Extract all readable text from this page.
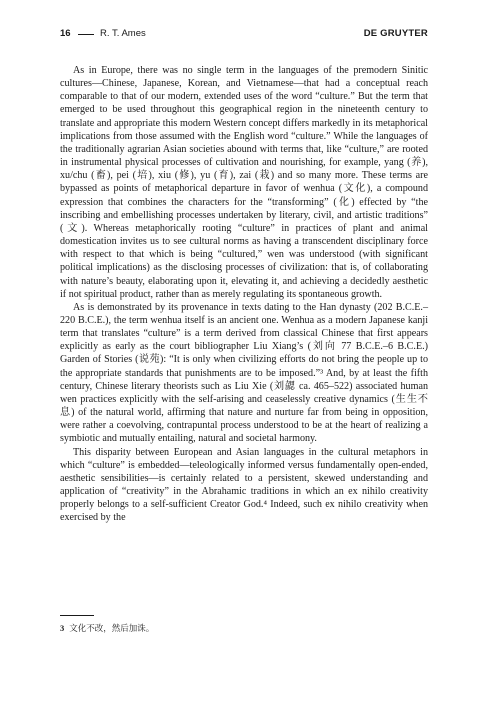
16	R. T. Ames	DE GRUYTER

As in Europe, there was no single term in the languages of the premodern Sinitic cultures—Chinese, Japanese, Korean, and Vietnamese—that had a conceptual reach comparable to that of our modern, extended uses of the word “culture.” But the term that emerged to be used throughout this geographical region in the nineteenth century to translate and appropriate this modern Western concept differs markedly in its metaphorical implications from those assumed with the English word “culture.” While the languages of the traditionally agrarian Asian societies abound with terms that, like “culture,” are rooted in instrumental physical processes of cultivation and nourishing, for example, yang (养), xu/chu (畜), pei (培), xiu (修), yu (育), zai (栽) and so many more. These terms are bypassed as points of metaphorical departure in favor of wenhua (文化), a compound expression that combines the characters for the “transforming” (化) effected by “the inscribing and embellishing processes undertaken by literary, civil, and artistic traditions” (文). Whereas metaphorically rooting “culture” in practices of plant and animal domestication invites us to see cultural norms as having a transcendent disciplinary force with respect to that which is being “cultured,” wen was understood (with significant political implications) as the disclosing processes of civilization: that is, of collaborating with nature’s beauty, elaborating upon it, elevating it, and achieving a decidedly aesthetic if not spiritual product, rather than as merely regulating its spontaneous growth.

As is demonstrated by its provenance in texts dating to the Han dynasty (202 B.C.E.–220 B.C.E.), the term wenhua itself is an ancient one. Wenhua as a modern Japanese kanji term that translates “culture” is a term derived from classical Chinese that first appears explicitly as early as the court bibliographer Liu Xiang’s (刘向 77 B.C.E.–6 B.C.E.) Garden of Stories (说苑): “It is only when civilizing efforts do not bring the people up to the appropriate standards that punishments are to be imposed.”³ And, by at least the fifth century, Chinese literary theorists such as Liu Xie (刘勰 ca. 465–522) associated human wen practices explicitly with the self-arising and ceaselessly creative dynamics (生生不息) of the natural world, affirming that nature and nurture far from being in opposition, were rather a coevolving, contrapuntal process understood to be at the heart of realizing a symbiotic and mutually entailing, natural and societal harmony.

This disparity between European and Asian languages in the cultural metaphors in which “culture” is embedded—teleologically informed versus fundamentally open-ended, aesthetic sensibilities—is certainly related to a persistent, skewed understanding and application of “creativity” in the Abrahamic traditions in which an ex nihilo creativity properly belongs to a self-sufficient Creator God.⁴ Indeed, such ex nihilo creativity when exercised by the

3 文化不改，然后加诛。
